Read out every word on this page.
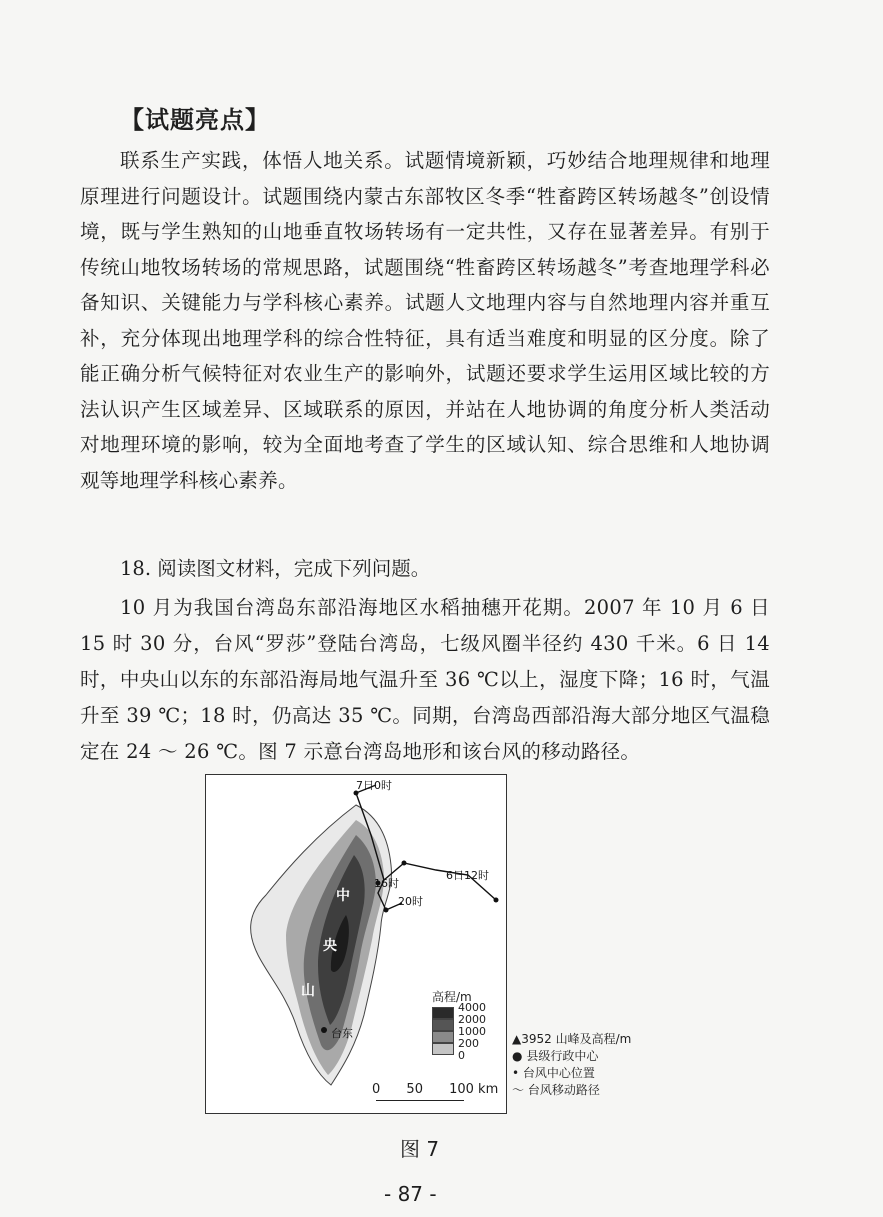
【试题亮点】
联系生产实践，体悟人地关系。试题情境新颖，巧妙结合地理规律和地理原理进行问题设计。试题围绕内蒙古东部牧区冬季“牲畜跨区转场越冬”创设情境，既与学生熟知的山地垂直牧场转场有一定共性，又存在显著差异。有别于传统山地牧场转场的常规思路，试题围绕“牲畜跨区转场越冬”考查地理学科必备知识、关键能力与学科核心素养。试题人文地理内容与自然地理内容并重互补，充分体现出地理学科的综合性特征，具有适当难度和明显的区分度。除了能正确分析气候特征对农业生产的影响外，试题还要求学生运用区域比较的方法认识产生区域差异、区域联系的原因，并站在人地协调的角度分析人类活动对地理环境的影响，较为全面地考查了学生的区域认知、综合思维和人地协调观等地理学科核心素养。
18. 阅读图文材料，完成下列问题。
10 月为我国台湾岛东部沿海地区水稻抽穗开花期。2007 年 10 月 6 日 15 时 30 分，台风“罗莎”登陆台湾岛，七级风圈半径约 430 千米。6 日 14 时，中央山以东的东部沿海局地气温升至 36 ℃以上，湿度下降；16 时，气温升至 39 ℃；18 时，仍高达 35 ℃。同期，台湾岛西部沿海大部分地区气温稳定在 24 ～ 26 ℃。图 7 示意台湾岛地形和该台风的移动路径。
7日0时
6日12时
16时
20时
台东
中
央
山	高程/m
4000
2000
1000
200
0
0 50 100 km
▲3952 山峰及高程/m
● 县级行政中心
• 台风中心位置
〜 台风移动路径
图 7
- 87 -
